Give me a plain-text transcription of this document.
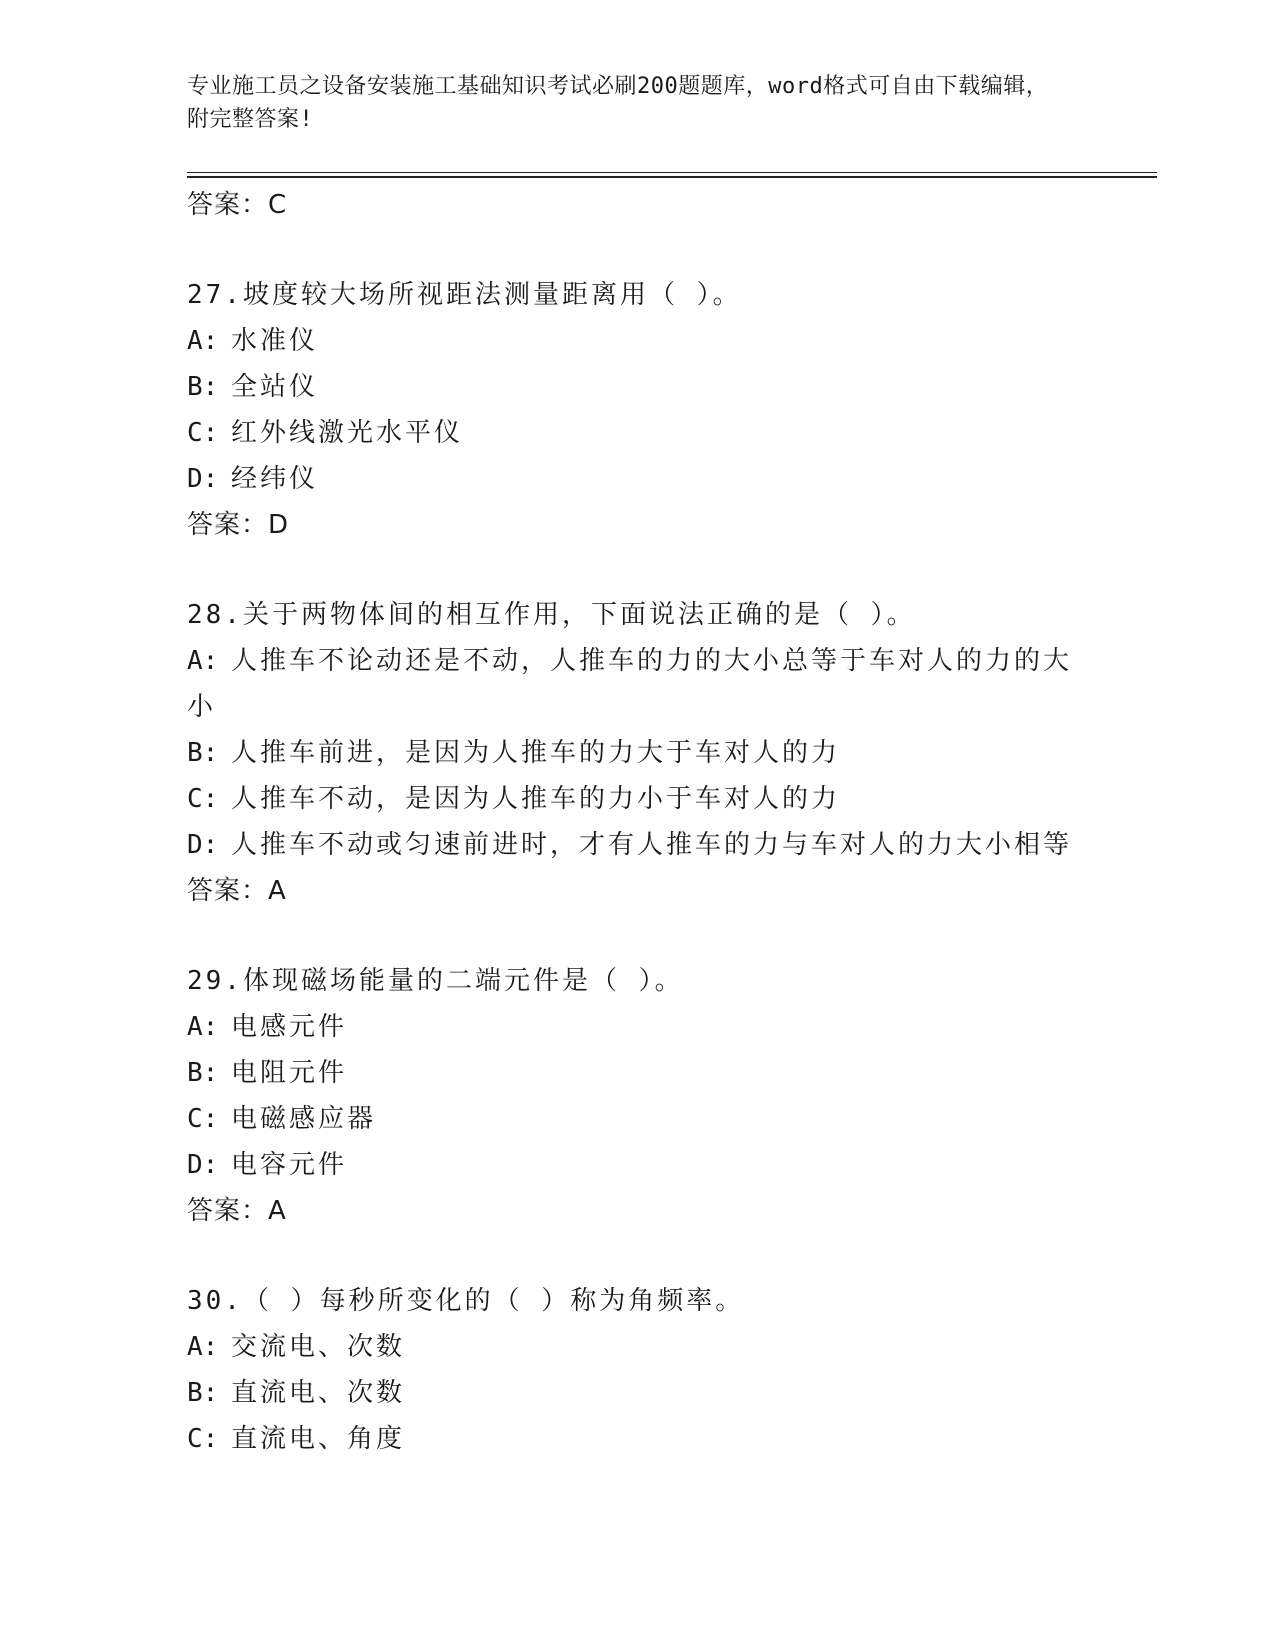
专业施工员之设备安装施工基础知识考试必刷200题题库，word格式可自由下载编辑，附完整答案!

答案：C

27.坡度较大场所视距法测量距离用（ ）。

A: 水准仪

B: 全站仪

C: 红外线激光水平仪

D: 经纬仪

答案：D

28.关于两物体间的相互作用，下面说法正确的是（ ）。

A: 人推车不论动还是不动，人推车的力的大小总等于车对人的力的大小

B: 人推车前进，是因为人推车的力大于车对人的力

C: 人推车不动，是因为人推车的力小于车对人的力

D: 人推车不动或匀速前进时，才有人推车的力与车对人的力大小相等

答案：A

29.体现磁场能量的二端元件是（ ）。

A: 电感元件

B: 电阻元件

C: 电磁感应器

D: 电容元件

答案：A

30.（ ）每秒所变化的（ ）称为角频率。

A: 交流电、次数

B: 直流电、次数

C: 直流电、角度
